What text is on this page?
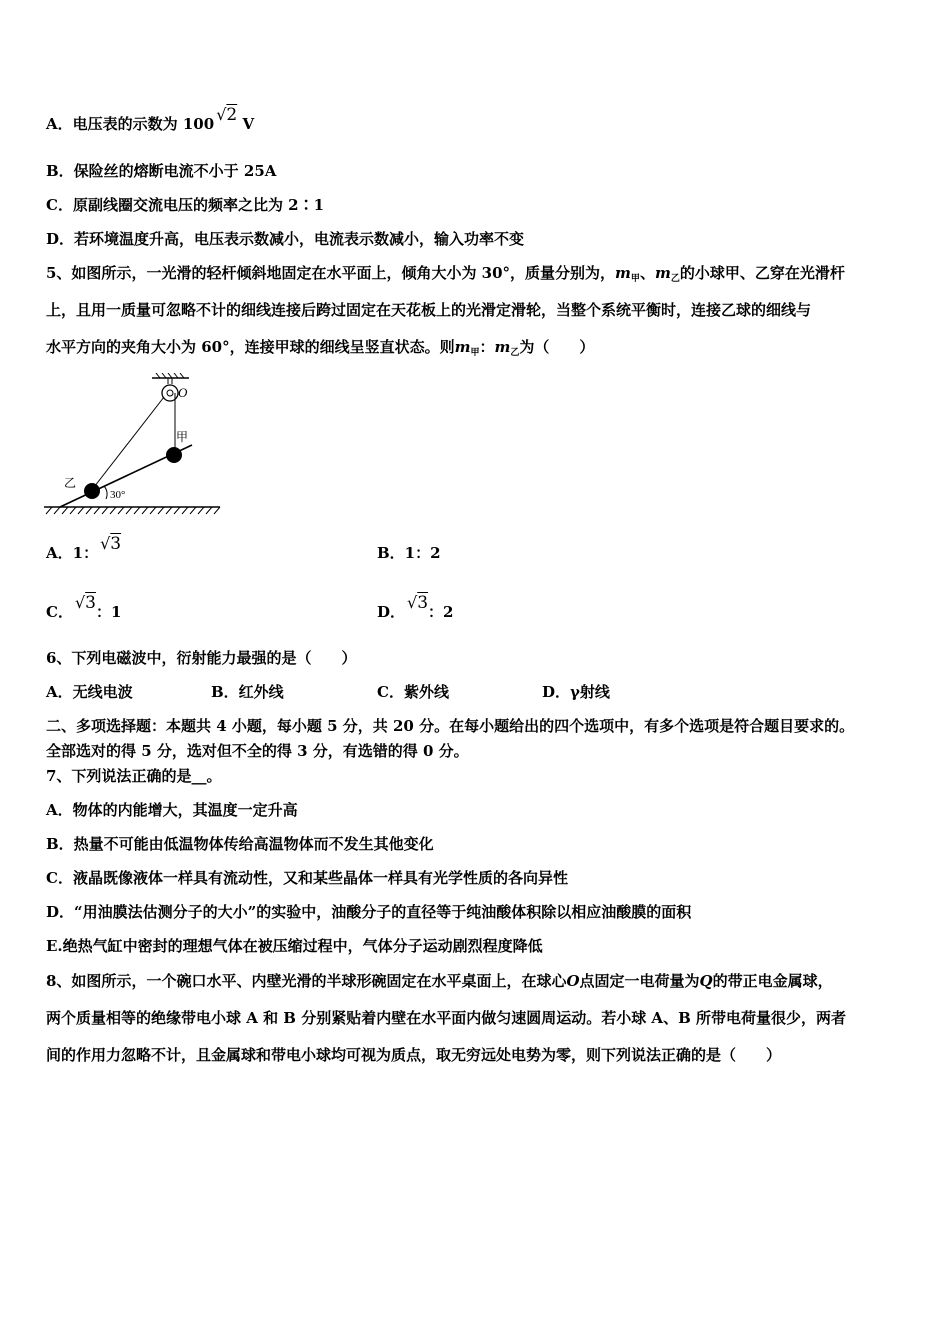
A．电压表的示数为 100 √2 V
B．保险丝的熔断电流不小于 25A
C．原副线圈交流电压的频率之比为 2∶1
D．若环境温度升高，电压表示数减小，电流表示数减小，输入功率不变
5、如图所示，一光滑的轻杆倾斜地固定在水平面上，倾角大小为 30°，质量分别为，$m_甲$、$m_乙$的小球甲、乙穿在光滑杆
上，且用一质量可忽略不计的细线连接后跨过固定在天花板上的光滑定滑轮，当整个系统平衡时，连接乙球的细线与
水平方向的夹角大小为 60°，连接甲球的细线呈竖直状态。则$m_甲$：$m_乙$为（　　）
O
甲
乙
30°
A．1： √3	B．1：2
C． √3：1	D． √3：2
6、下列电磁波中，衍射能力最强的是（　　）
A．无线电波	B．红外线	C．紫外线	D．γ射线
二、多项选择题：本题共 4 小题，每小题 5 分，共 20 分。在每小题给出的四个选项中，有多个选项是符合题目要求的。
全部选对的得 5 分，选对但不全的得 3 分，有选错的得 0 分。
7、下列说法正确的是__。
A．物体的内能增大，其温度一定升高
B．热量不可能由低温物体传给高温物体而不发生其他变化
C．液晶既像液体一样具有流动性，又和某些晶体一样具有光学性质的各向异性
D．“用油膜法估测分子的大小”的实验中，油酸分子的直径等于纯油酸体积除以相应油酸膜的面积
E.绝热气缸中密封的理想气体在被压缩过程中，气体分子运动剧烈程度降低
8、如图所示，一个碗口水平、内壁光滑的半球形碗固定在水平桌面上，在球心O点固定一电荷量为Q的带正电金属球，
两个质量相等的绝缘带电小球 A 和 B 分别紧贴着内壁在水平面内做匀速圆周运动。若小球 A、B 所带电荷量很少，两者
间的作用力忽略不计，且金属球和带电小球均可视为质点，取无穷远处电势为零，则下列说法正确的是（　　）
